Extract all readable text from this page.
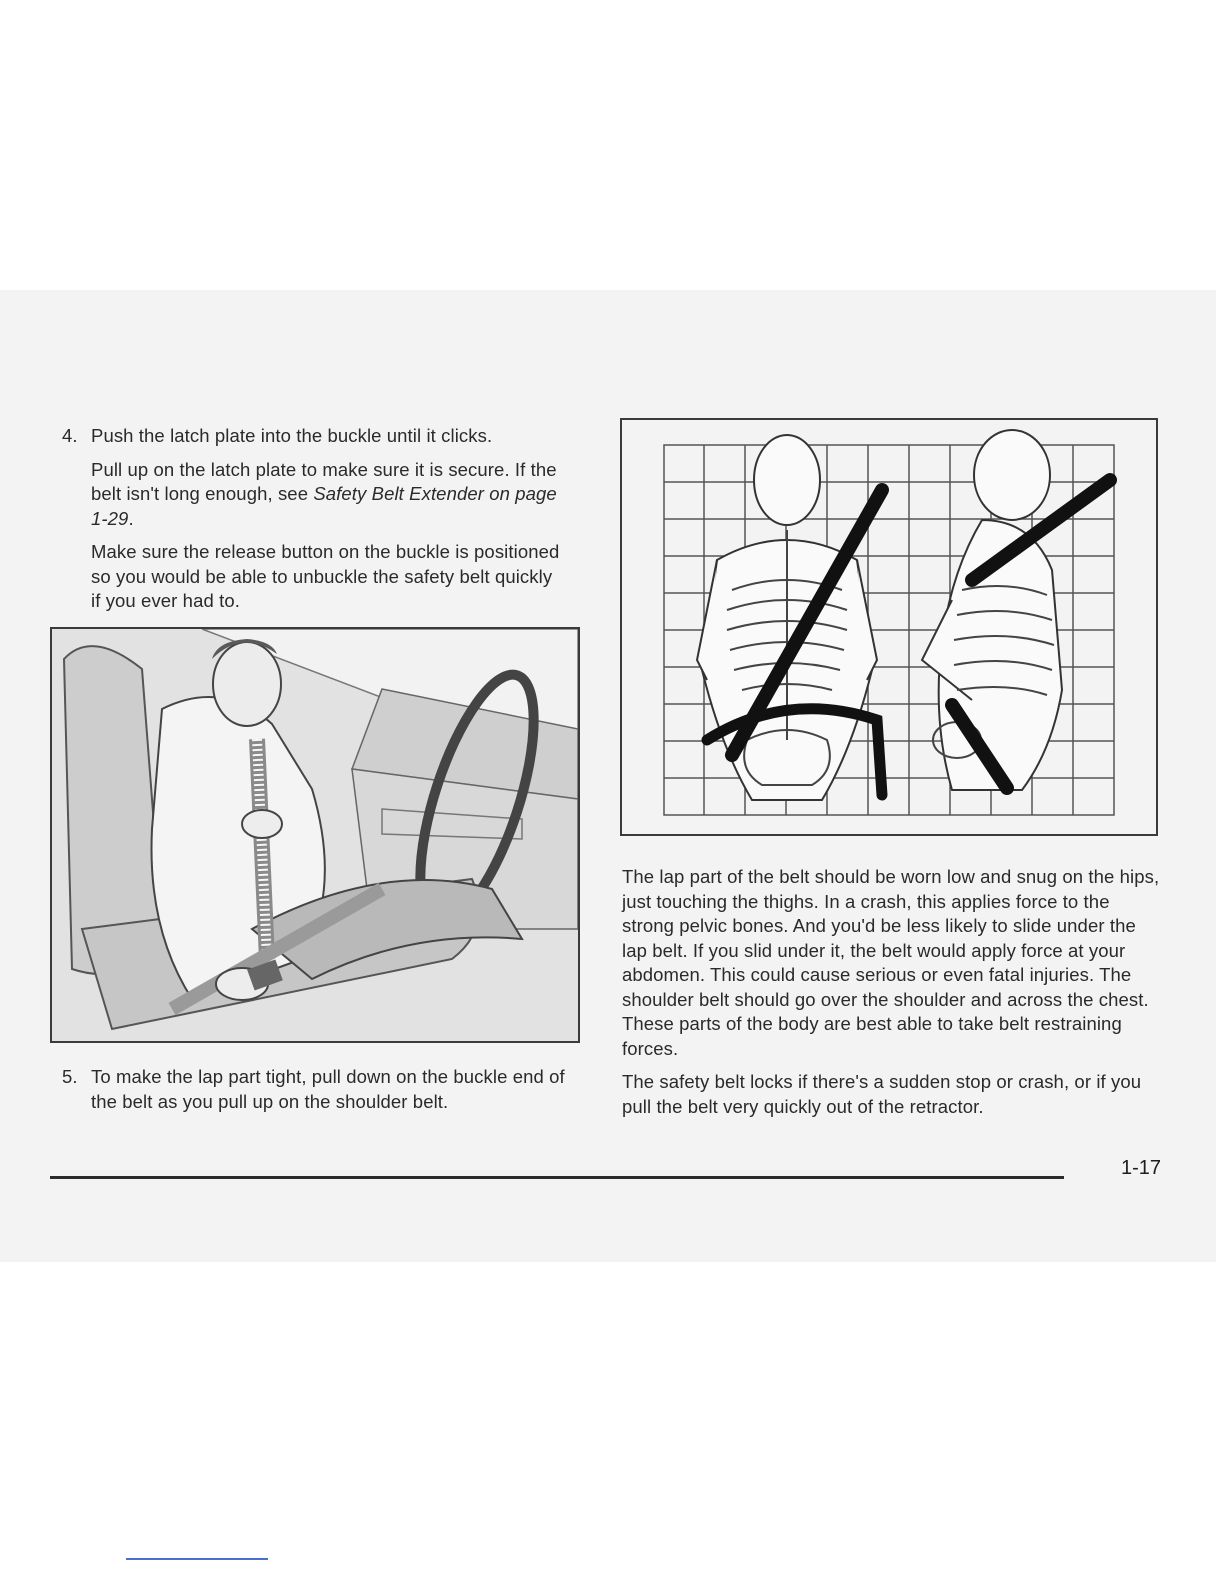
4. Push the latch plate into the buckle until it clicks.

Pull up on the latch plate to make sure it is secure. If the belt isn't long enough, see Safety Belt Extender on page 1-29.

Make sure the release button on the buckle is positioned so you would be able to unbuckle the safety belt quickly if you ever had to.

5. To make the lap part tight, pull down on the buckle end of the belt as you pull up on the shoulder belt.

The lap part of the belt should be worn low and snug on the hips, just touching the thighs. In a crash, this applies force to the strong pelvic bones. And you'd be less likely to slide under the lap belt. If you slid under it, the belt would apply force at your abdomen. This could cause serious or even fatal injuries. The shoulder belt should go over the shoulder and across the chest. These parts of the body are best able to take belt restraining forces.

The safety belt locks if there's a sudden stop or crash, or if you pull the belt very quickly out of the retractor.

1-17
